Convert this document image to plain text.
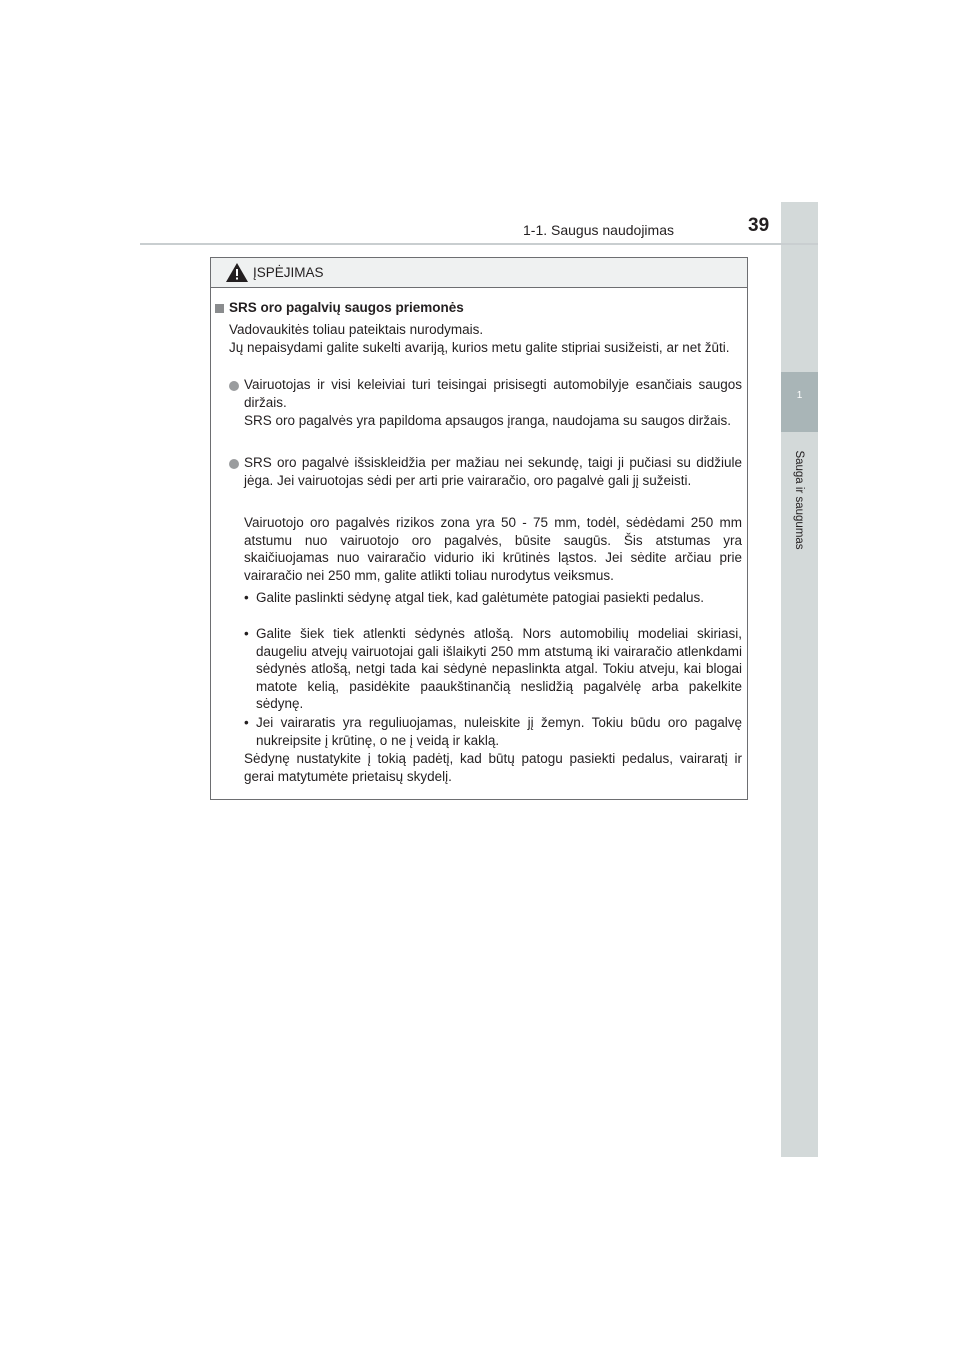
1
Sauga ir saugumas
1-1. Saugus naudojimas	39
ĮSPĖJIMAS

SRS oro pagalvių saugos priemonės

Vadovaukitės toliau pateiktais nurodymais.

Jų nepaisydami galite sukelti avariją, kurios metu galite stipriai susižeisti, ar net žūti.

Vairuotojas ir visi keleiviai turi teisingai prisisegti automobilyje esančiais saugos diržais.

SRS oro pagalvės yra papildoma apsaugos įranga, naudojama su saugos diržais.

SRS oro pagalvė išsiskleidžia per mažiau nei sekundę, taigi ji pučiasi su didžiule jėga. Jei vairuotojas sėdi per arti prie vairaračio, oro pagalvė gali jį sužeisti.

Vairuotojo oro pagalvės rizikos zona yra 50 - 75 mm, todėl, sėdėdami 250 mm atstumu nuo vairuotojo oro pagalvės, būsite saugūs. Šis atstumas yra skaičiuojamas nuo vairaračio vidurio iki krūtinės ląstos. Jei sėdite arčiau prie vairaračio nei 250 mm, galite atlikti toliau nurodytus veiksmus.

• Galite paslinkti sėdynę atgal tiek, kad galėtumėte patogiai pasiekti pedalus.

• Galite šiek tiek atlenkti sėdynės atlošą. Nors automobilių modeliai skiriasi, daugeliu atvejų vairuotojai gali išlaikyti 250 mm atstumą iki vairaračio atlenkdami sėdynės atlošą, netgi tada kai sėdynė nepaslinkta atgal. Tokiu atveju, kai blogai matote kelią, pasidėkite paaukštinančią neslidžią pagalvėlę arba pakelkite sėdynę.

• Jei vairaratis yra reguliuojamas, nuleiskite jį žemyn. Tokiu būdu oro pagalvę nukreipsite į krūtinę, o ne į veidą ir kaklą.

Sėdynę nustatykite į tokią padėtį, kad būtų patogu pasiekti pedalus, vairaratį ir gerai matytumėte prietaisų skydelį.
